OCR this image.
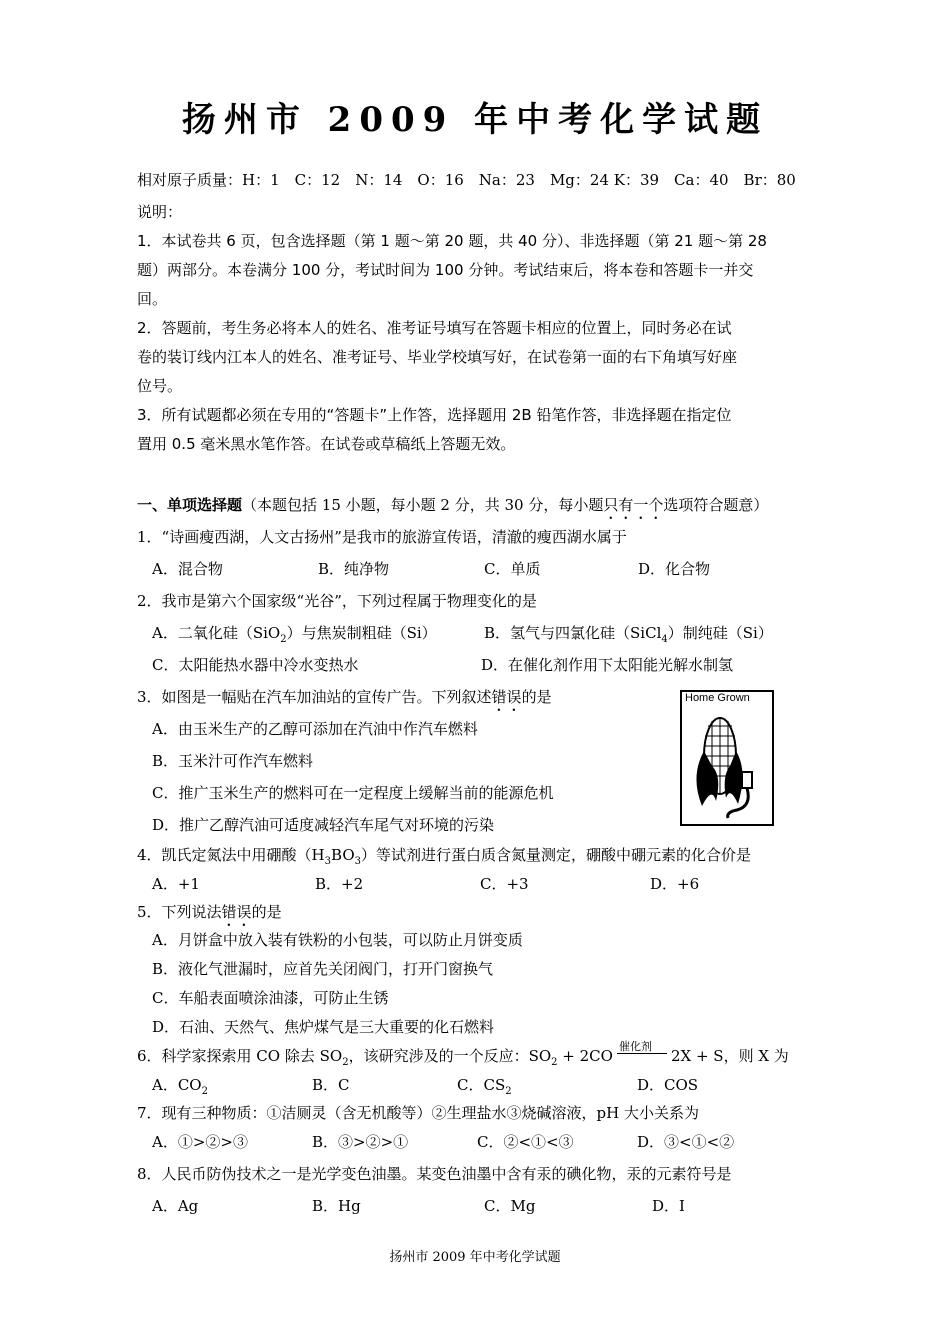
扬州市 2009 年中考化学试题
相对原子质量：H：1　C：12　N：14　O：16　Na：23　Mg：24 K：39　Ca：40　Br：80
说明：
1．本试卷共 6 页，包含选择题（第 1 题～第 20 题，共 40 分）、非选择题（第 21 题～第 28
题）两部分。本卷满分 100 分，考试时间为 100 分钟。考试结束后，将本卷和答题卡一并交
回。
2．答题前，考生务必将本人的姓名、准考证号填写在答题卡相应的位置上，同时务必在试
卷的装订线内江本人的姓名、准考证号、毕业学校填写好，在试卷第一面的右下角填写好座
位号。
3．所有试题都必须在专用的“答题卡”上作答，选择题用 2B 铅笔作答，非选择题在指定位
置用 0.5 毫米黑水笔作答。在试卷或草稿纸上答题无效。
一、单项选择题（本题包括 15 小题，每小题 2 分，共 30 分，每小题只有一个选项符合题意）
1．“诗画瘦西湖，人文古扬州”是我市的旅游宣传语，清澈的瘦西湖水属于
A．混合物	B．纯净物	C．单质	D．化合物
2．我市是第六个国家级“光谷”，下列过程属于物理变化的是
A．二氧化硅（SiO$_2$）与焦炭制粗硅（Si）	B．氢气与四氯化硅（SiCl$_4$）制纯硅（Si）
C．太阳能热水器中冷水变热水	D．在催化剂作用下太阳能光解水制氢
3．如图是一幅贴在汽车加油站的宣传广告。下列叙述错误的是
A．由玉米生产的乙醇可添加在汽油中作汽车燃料
B．玉米汁可作汽车燃料
C．推广玉米生产的燃料可在一定程度上缓解当前的能源危机
D．推广乙醇汽油可适度减轻汽车尾气对环境的污染
Home Grown
4．凯氏定氮法中用硼酸$(H_3BO_3)$等试剂进行蛋白质含氮量测定，硼酸中硼元素的化合价是
A．+1	B．+2	C．+3	D．+6
5．下列说法错误的是
A．月饼盒中放入装有铁粉的小包装，可以防止月饼变质
B．液化气泄漏时，应首先关闭阀门，打开门窗换气
C．车船表面喷涂油漆，可防止生锈
D．石油、天然气、焦炉煤气是三大重要的化石燃料
6．科学家探索用 CO 除去 $SO_2$，该研究涉及的一个反应：$SO_2 + 2CO$
催化剂
2X + S，则 X 为
A．$CO_2$	B．C	C．$CS_2$	D．COS
7．现有三种物质：①洁厕灵（含无机酸等）②生理盐水③烧碱溶液，pH 大小关系为
A．①>②>③	B．③>②>①	C．②<①<③	D．③<①<②
8．人民币防伪技术之一是光学变色油墨。某变色油墨中含有汞的碘化物，汞的元素符号是
A．Ag	B．Hg	C．Mg	D．I
扬州市 2009 年中考化学试题
